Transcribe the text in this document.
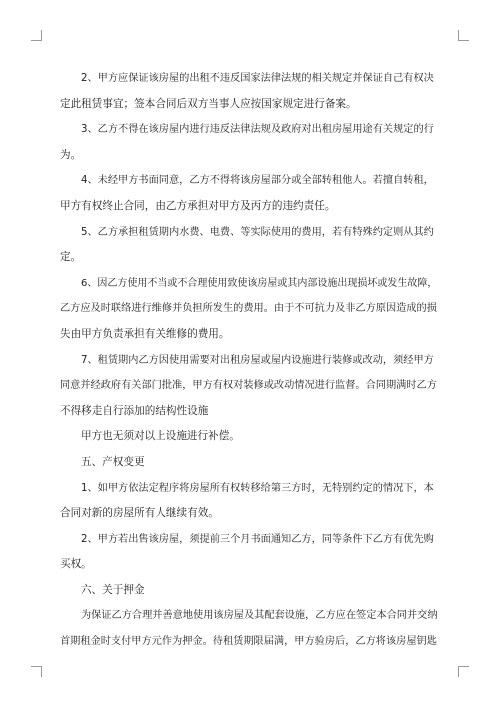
2、甲方应保证该房屋的出租不违反国家法律法规的相关规定并保证自己有权决

定此租赁事宜；签本合同后双方当事人应按国家规定进行备案。

3、乙方不得在该房屋内进行违反法律法规及政府对出租房屋用途有关规定的行

为。

4、未经甲方书面同意，乙方不得将该房屋部分或全部转租他人。若擅自转租，

甲方有权终止合同，由乙方承担对甲方及丙方的违约责任。

5、乙方承担租赁期内水费、电费、等实际使用的费用，若有特殊约定则从其约

定。

6、因乙方使用不当或不合理使用致使该房屋或其内部设施出现损坏或发生故障，

乙方应及时联络进行维修并负担所发生的费用。由于不可抗力及非乙方原因造成的损

失由甲方负责承担有关维修的费用。

7、租赁期内乙方因使用需要对出租房屋或屋内设施进行装修或改动，须经甲方

同意并经政府有关部门批准，甲方有权对装修或改动情况进行监督。合同期满时乙方

不得移走自行添加的结构性设施

甲方也无须对以上设施进行补偿。

五、产权变更

1、如甲方依法定程序将房屋所有权转移给第三方时，无特别约定的情况下，本

合同对新的房屋所有人继续有效。

2、甲方若出售该房屋，须提前三个月书面通知乙方，同等条件下乙方有优先购

买权。

六、关于押金

为保证乙方合理并善意地使用该房屋及其配套设施，乙方应在签定本合同并交纳

首期租金时支付甲方元作为押金。待租赁期限届满，甲方验房后，乙方将该房屋钥匙
